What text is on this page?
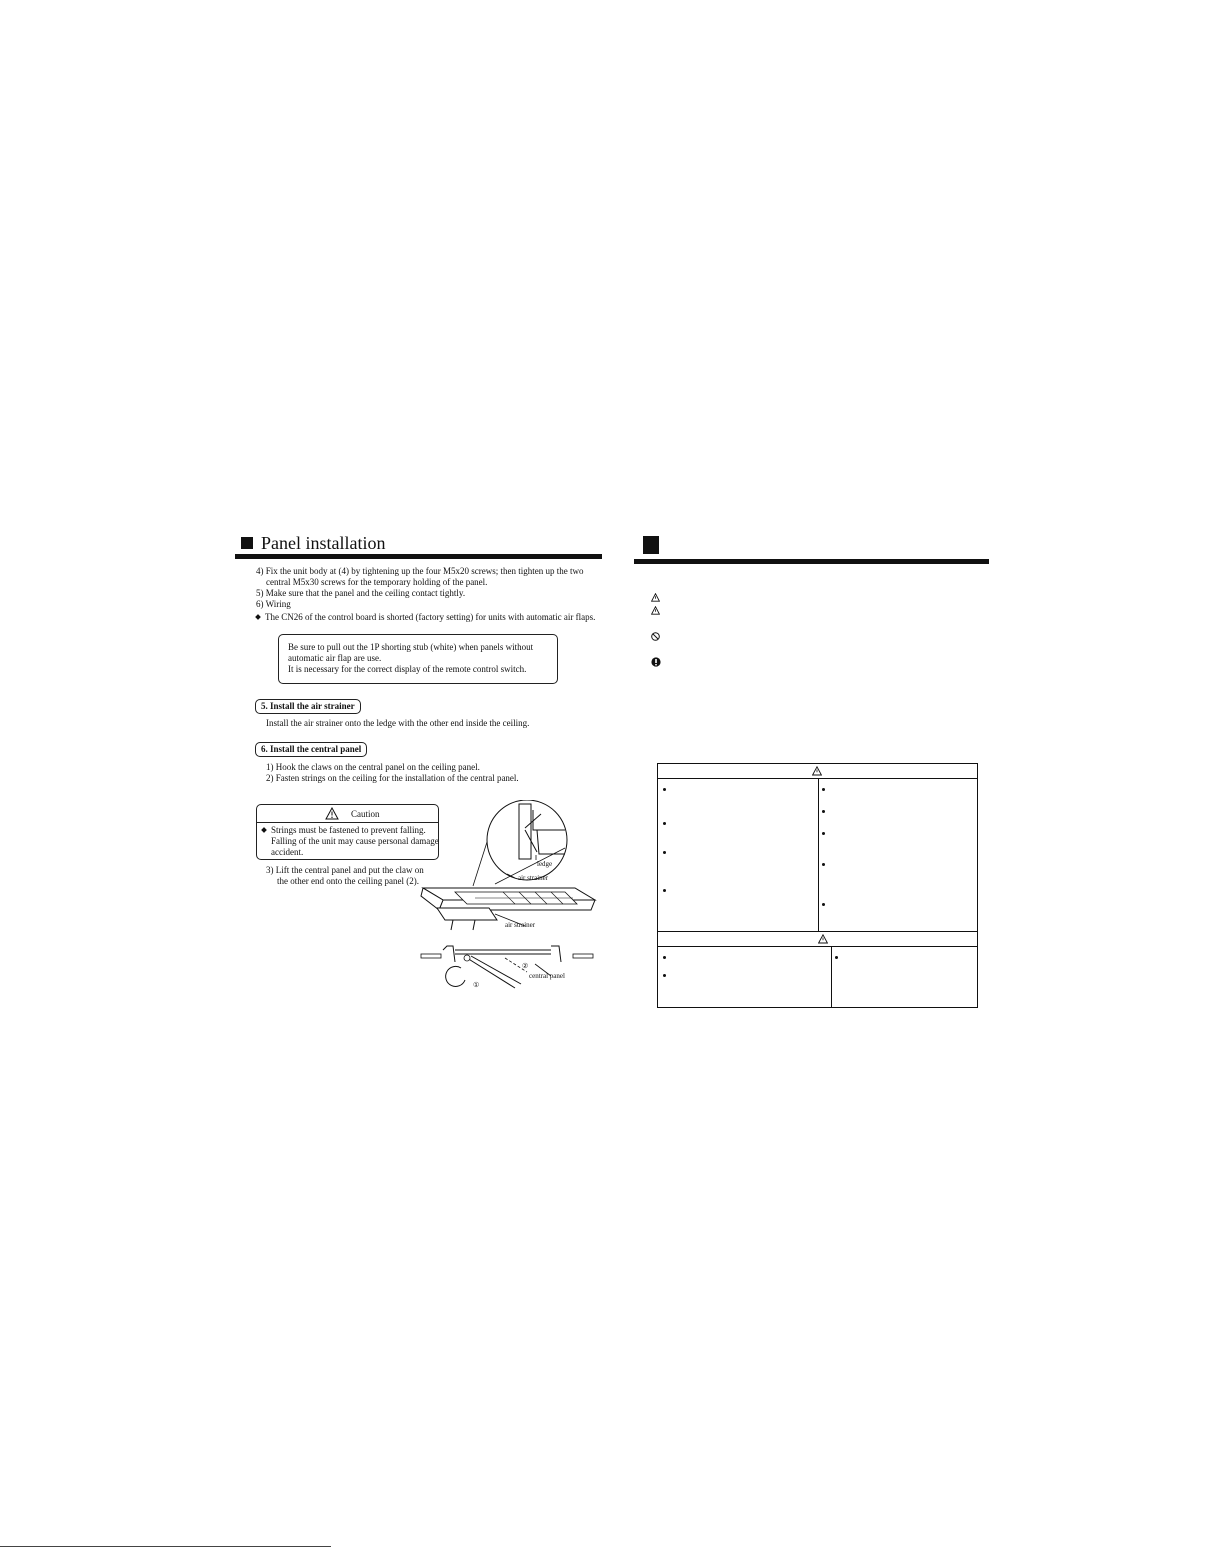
Panel installation
4) Fix the unit body at (4) by tightening up the four M5x20 screws; then tighten up the two
central M5x30 screws for the temporary holding of the panel.
5) Make sure that the panel and the ceiling contact tightly.
6) Wiring
The CN26 of the control board is shorted (factory setting) for units with automatic air flaps.
Be sure to pull out the 1P shorting stub (white) when panels without
automatic air flap are use.
It is necessary for the correct display of the remote control switch.
5. Install the air strainer
Install the air strainer onto the ledge with the other end inside the ceiling.
6. Install the central panel
1) Hook the claws on the central panel on the ceiling panel.
2) Fasten strings on the ceiling for the installation of the central panel.
Caution
Strings must be fastened to prevent falling.
Falling of the unit may cause personal damage
accident.
3) Lift the central panel and put the claw on
the other end onto the ceiling panel (2).
ledge
air strainer
air strainer
central panel
②
①
